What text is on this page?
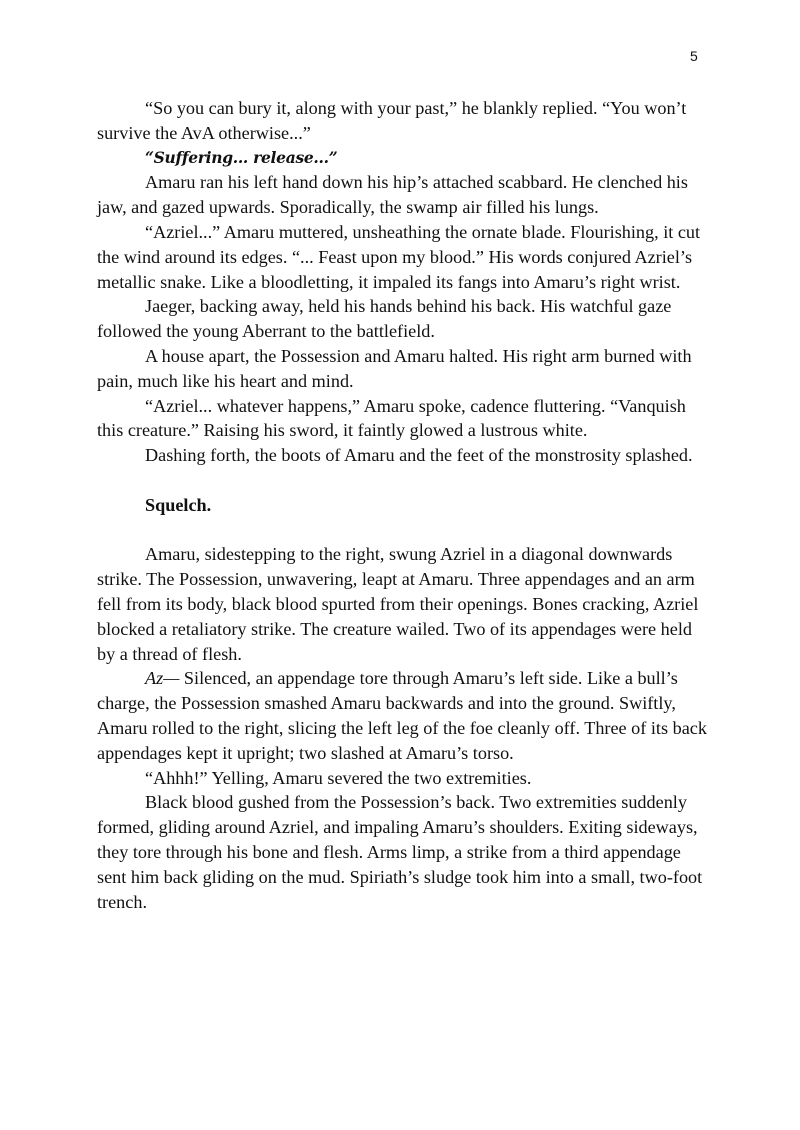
5

“So you can bury it, along with your past,” he blankly replied. “You won’t survive the AvA otherwise...”

“Suffering... release...”

Amaru ran his left hand down his hip’s attached scabbard. He clenched his jaw, and gazed upwards. Sporadically, the swamp air filled his lungs.

“Azriel...” Amaru muttered, unsheathing the ornate blade. Flourishing, it cut the wind around its edges. “... Feast upon my blood.” His words conjured Azriel’s metallic snake. Like a bloodletting, it impaled its fangs into Amaru’s right wrist.

Jaeger, backing away, held his hands behind his back. His watchful gaze followed the young Aberrant to the battlefield.

A house apart, the Possession and Amaru halted. His right arm burned with pain, much like his heart and mind.

“Azriel... whatever happens,” Amaru spoke, cadence fluttering. “Vanquish this creature.” Raising his sword, it faintly glowed a lustrous white.

Dashing forth, the boots of Amaru and the feet of the monstrosity splashed.

Squelch.

Amaru, sidestepping to the right, swung Azriel in a diagonal downwards strike. The Possession, unwavering, leapt at Amaru. Three appendages and an arm fell from its body, black blood spurted from their openings. Bones cracking, Azriel blocked a retaliatory strike. The creature wailed. Two of its appendages were held by a thread of flesh.

Az— Silenced, an appendage tore through Amaru’s left side. Like a bull’s charge, the Possession smashed Amaru backwards and into the ground. Swiftly, Amaru rolled to the right, slicing the left leg of the foe cleanly off. Three of its back appendages kept it upright; two slashed at Amaru’s torso.

“Ahhh!” Yelling, Amaru severed the two extremities.

Black blood gushed from the Possession’s back. Two extremities suddenly formed, gliding around Azriel, and impaling Amaru’s shoulders. Exiting sideways, they tore through his bone and flesh. Arms limp, a strike from a third appendage sent him back gliding on the mud. Spiriath’s sludge took him into a small, two-foot trench.
